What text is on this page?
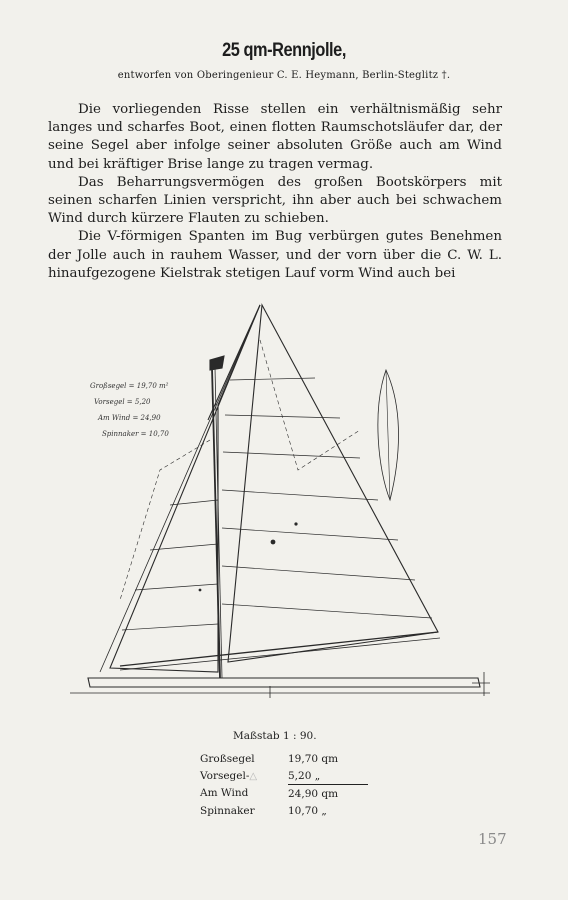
25 qm-Rennjolle,
entworfen von Oberingenieur C. E. Heymann, Berlin-Steglitz †.

Die vorliegenden Risse stellen ein verhältnismäßig sehr langes und scharfes Boot, einen flotten Raumschotsläufer dar, der seine Segel aber infolge seiner absoluten Größe auch am Wind und bei kräftiger Brise lange zu tragen vermag.

Das Beharrungsvermögen des großen Bootskörpers mit seinen scharfen Linien verspricht, ihn aber auch bei schwachem Wind durch kürzere Flauten zu schieben.

Die V-förmigen Spanten im Bug verbürgen gutes Benehmen der Jolle auch in rauhem Wasser, und der vorn über die C. W. L. hinaufgezogene Kielstrak stetigen Lauf vorm Wind auch bei

Großsegel = 19,70 m²
Vorsegel = 5,20
Am Wind = 24,90
Spinnaker = 10,70
Maßstab 1 : 90.
Großsegel	19,70 qm
Vorsegel-△	5,20 „
Am Wind	24,90 qm
Spinnaker	10,70 „
157
